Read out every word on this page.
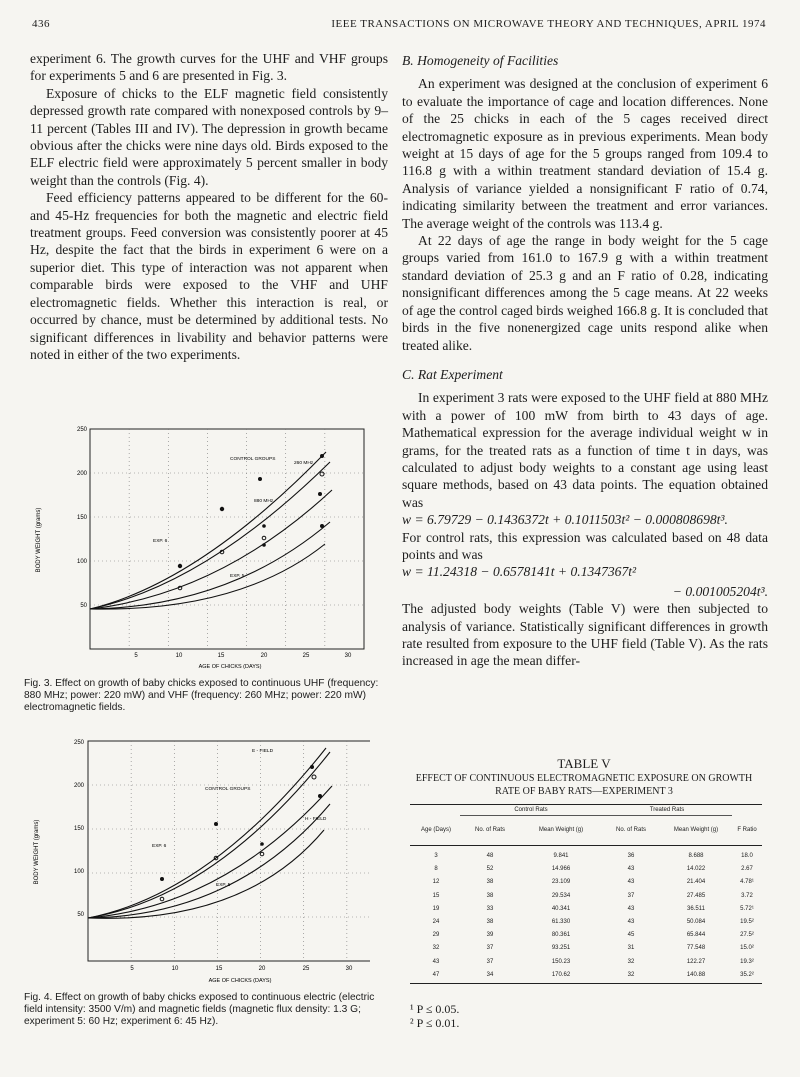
436	IEEE TRANSACTIONS ON MICROWAVE THEORY AND TECHNIQUES, APRIL 1974

experiment 6. The growth curves for the UHF and VHF groups for experiments 5 and 6 are presented in Fig. 3.

Exposure of chicks to the ELF magnetic field consistently depressed growth rate compared with nonexposed controls by 9–11 percent (Tables III and IV). The depression in growth became obvious after the chicks were nine days old. Birds exposed to the ELF electric field were approximately 5 percent smaller in body weight than the controls (Fig. 4).

Feed efficiency patterns appeared to be different for the 60- and 45-Hz frequencies for both the magnetic and electric field treatment groups. Feed conversion was consistently poorer at 45 Hz, despite the fact that the birds in experiment 6 were on a superior diet. This type of interaction was not apparent when comparable birds were exposed to the VHF and UHF electromagnetic fields. Whether this interaction is real, or occurred by chance, must be determined by additional tests. No significant differences in livability and behavior patterns were noted in either of the two experiments.

BODY WEIGHT (grams)
AGE OF CHICKS (DAYS)
250
200
150
100
50
5	10	15	20	25	30
CONTROL GROUPS
260 MHz
880 MHz
EXP. 6
EXP. 5
Fig. 3. Effect on growth of baby chicks exposed to continuous UHF (frequency: 880 MHz; power: 220 mW) and VHF (frequency: 260 MHz; power: 220 mW) electromagnetic fields.
BODY WEIGHT (grams)
AGE OF CHICKS (DAYS)
250
200
150
100
50
5	10	15	20	25	30
E - FIELD
CONTROL GROUPS
H - FIELD
EXP. 6
EXP. 5
Fig. 4. Effect on growth of baby chicks exposed to continuous electric (electric field intensity: 3500 V/m) and magnetic fields (magnetic flux density: 1.3 G; experiment 5: 60 Hz; experiment 6: 45 Hz).

B. Homogeneity of Facilities

An experiment was designed at the conclusion of experiment 6 to evaluate the importance of cage and location differences. None of the 25 chicks in each of the 5 cages received direct electromagnetic exposure as in previous experiments. Mean body weight at 15 days of age for the 5 groups ranged from 109.4 to 116.8 g with a within treatment standard deviation of 15.4 g. Analysis of variance yielded a nonsignificant F ratio of 0.74, indicating similarity between the treatment and error variances. The average weight of the controls was 113.4 g.

At 22 days of age the range in body weight for the 5 cage groups varied from 161.0 to 167.9 g with a within treatment standard deviation of 25.3 g and an F ratio of 0.28, indicating nonsignificant differences among the 5 cage means. At 22 weeks of age the control caged birds weighed 166.8 g. It is concluded that birds in the five nonenergized cage units respond alike when treated alike.

C. Rat Experiment

In experiment 3 rats were exposed to the UHF field at 880 MHz with a power of 100 mW from birth to 43 days of age. Mathematical expression for the average individual weight w in grams, for the treated rats as a function of time t in days, was calculated to adjust body weights to a constant age using least square methods, based on 43 data points. The equation obtained was

w = 6.79729 − 0.1436372t + 0.1011503t² − 0.000808698t³.

For control rats, this expression was calculated based on 48 data points and was

w = 11.24318 − 0.6578141t + 0.1347367t²

− 0.001005204t³.

The adjusted body weights (Table V) were then subjected to analysis of variance. Statistically significant differences in growth rate resulted from exposure to the UHF field (Table V). As the rats increased in age the mean differ-

TABLE V
EFFECT OF CONTINUOUS ELECTROMAGNETIC EXPOSURE ON GROWTH RATE OF BABY RATS—EXPERIMENT 3
		Control Rats		Treated Rats		
	Age (Days)	No. of Rats	Mean Weight (g)	No. of Rats	Mean Weight (g)	F Ratio

	3	48	9.841	36	8.688	18.0
	8	52	14.966	43	14.022	2.67
	12	38	23.109	43	21.404	4.78¹
	15	38	29.534	37	27.485	3.72
	19	33	40.341	43	36.511	5.72¹
	24	38	61.330	43	50.084	19.5²
	29	39	80.361	45	65.844	27.5²
	32	37	93.251	31	77.548	15.0²
	43	37	150.23	32	122.27	19.3²
	47	34	170.62	32	140.88	35.2²
¹ P ≤ 0.05.
² P ≤ 0.01.
